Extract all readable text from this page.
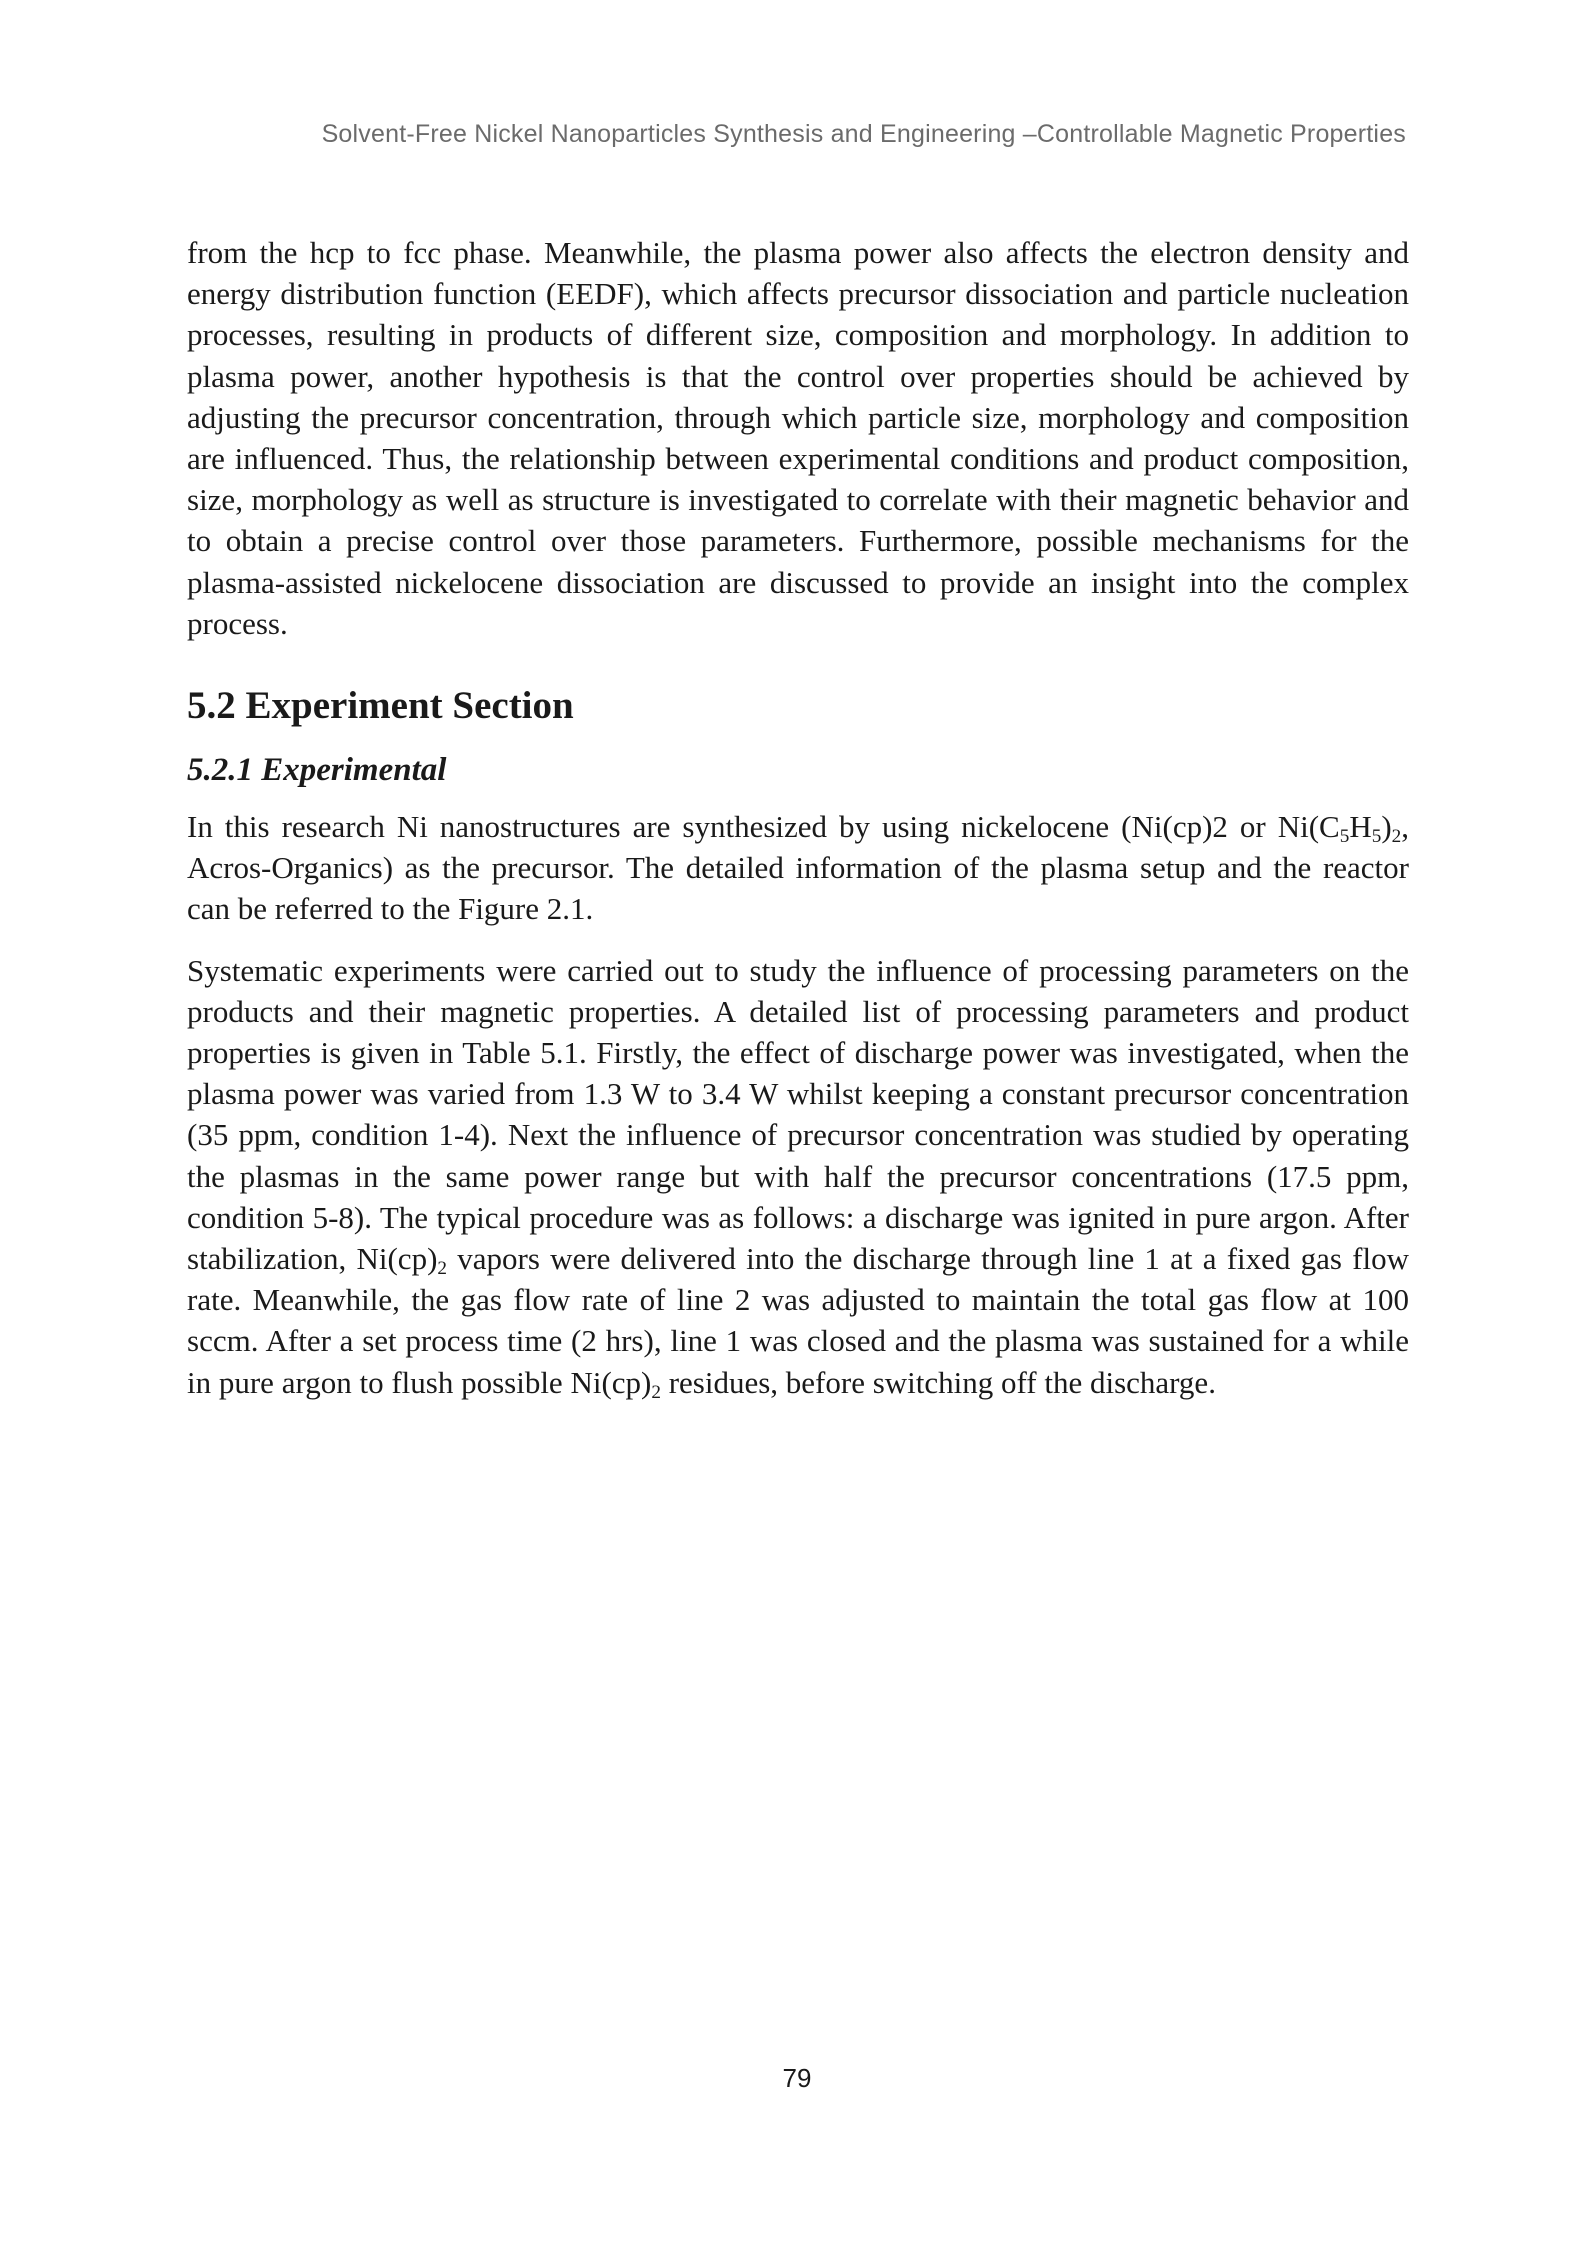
Solvent-Free Nickel Nanoparticles Synthesis and Engineering –Controllable Magnetic Properties

from the hcp to fcc phase. Meanwhile, the plasma power also affects the electron density and energy distribution function (EEDF), which affects precursor dissociation and particle nucleation processes, resulting in products of different size, composition and morphology. In addition to plasma power, another hypothesis is that the control over properties should be achieved by adjusting the precursor concentration, through which particle size, morphology and composition are influenced. Thus, the relationship between experimental conditions and product composition, size, morphology as well as structure is investigated to correlate with their magnetic behavior and to obtain a precise control over those parameters. Furthermore, possible mechanisms for the plasma-assisted nickelocene dissociation are discussed to provide an insight into the complex process.

5.2 Experiment Section
5.2.1 Experimental

In this research Ni nanostructures are synthesized by using nickelocene (Ni(cp)2 or $Ni(C_5H_5)_2$, Acros-Organics) as the precursor. The detailed information of the plasma setup and the reactor can be referred to the Figure 2.1.

Systematic experiments were carried out to study the influence of processing parameters on the products and their magnetic properties. A detailed list of processing parameters and product properties is given in Table 5.1. Firstly, the effect of discharge power was investigated, when the plasma power was varied from 1.3 W to 3.4 W whilst keeping a constant precursor concentration (35 ppm, condition 1-4). Next the influence of precursor concentration was studied by operating the plasmas in the same power range but with half the precursor concentrations (17.5 ppm, condition 5-8). The typical procedure was as follows: a discharge was ignited in pure argon. After stabilization, $Ni(cp)_2$ vapors were delivered into the discharge through line 1 at a fixed gas flow rate. Meanwhile, the gas flow rate of line 2 was adjusted to maintain the total gas flow at 100 sccm. After a set process time (2 hrs), line 1 was closed and the plasma was sustained for a while in pure argon to flush possible $Ni(cp)_2$ residues, before switching off the discharge.

79
